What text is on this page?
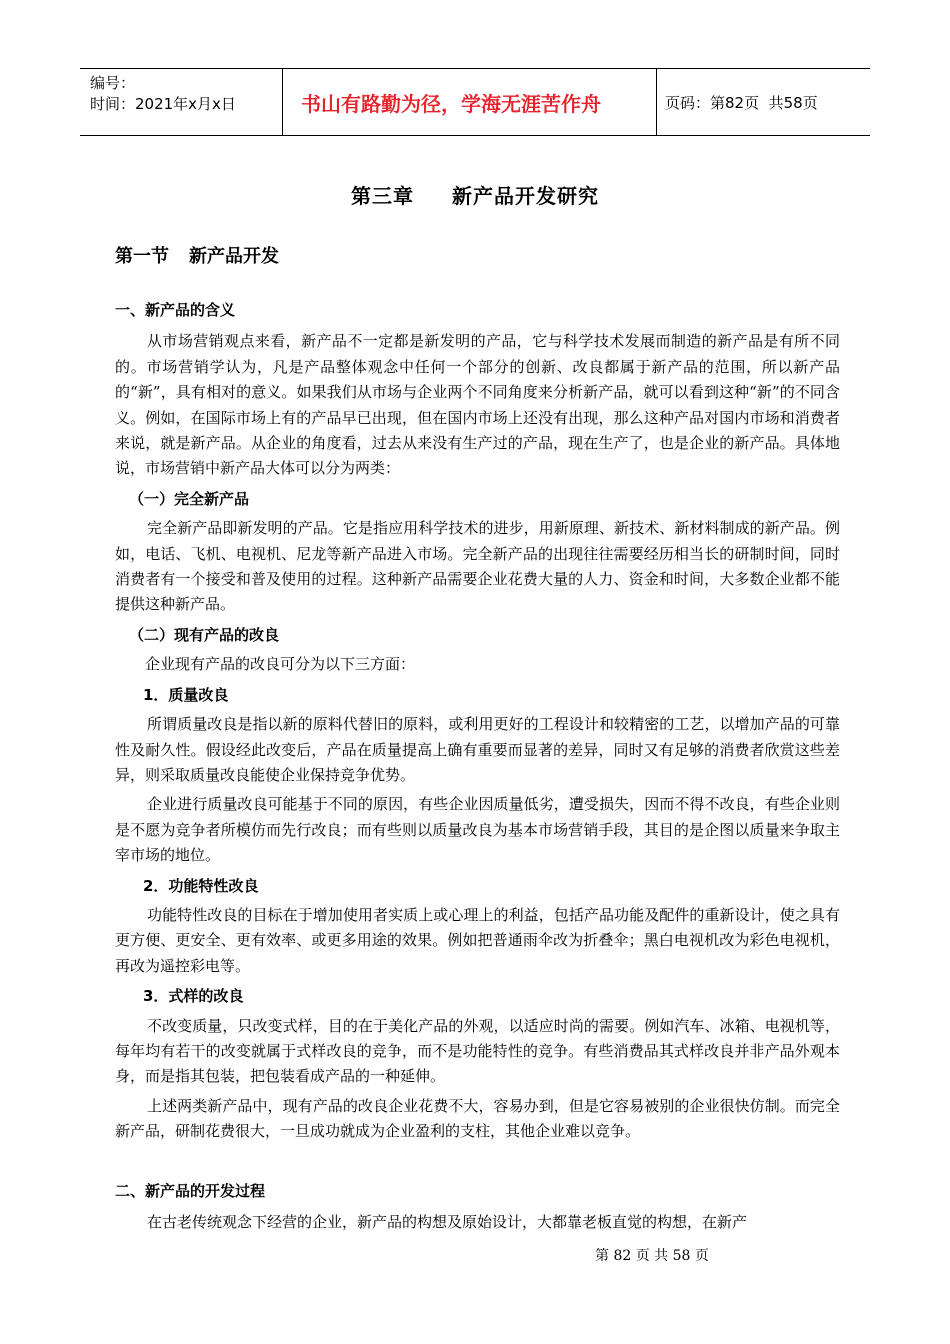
编号：
时间：2021年x月x日	书山有路勤为径，学海无涯苦作舟	页码：第82页  共58页
第三章 新产品开发研究
第一节 新产品开发
一、新产品的含义

从市场营销观点来看，新产品不一定都是新发明的产品，它与科学技术发展而制造的新产品是有所不同的。市场营销学认为，凡是产品整体观念中任何一个部分的创新、改良都属于新产品的范围，所以新产品的“新”，具有相对的意义。如果我们从市场与企业两个不同角度来分析新产品，就可以看到这种“新”的不同含义。例如，在国际市场上有的产品早已出现，但在国内市场上还没有出现，那么这种产品对国内市场和消费者来说，就是新产品。从企业的角度看，过去从来没有生产过的产品，现在生产了，也是企业的新产品。具体地说，市场营销中新产品大体可以分为两类：

（一）完全新产品

完全新产品即新发明的产品。它是指应用科学技术的进步，用新原理、新技术、新材料制成的新产品。例如，电话、飞机、电视机、尼龙等新产品进入市场。完全新产品的出现往往需要经历相当长的研制时间，同时消费者有一个接受和普及使用的过程。这种新产品需要企业花费大量的人力、资金和时间，大多数企业都不能提供这种新产品。

（二）现有产品的改良

企业现有产品的改良可分为以下三方面：

1．质量改良

所谓质量改良是指以新的原料代替旧的原料，或利用更好的工程设计和较精密的工艺，以增加产品的可靠性及耐久性。假设经此改变后，产品在质量提高上确有重要而显著的差异，同时又有足够的消费者欣赏这些差异，则采取质量改良能使企业保持竞争优势。

企业进行质量改良可能基于不同的原因，有些企业因质量低劣，遭受损失，因而不得不改良，有些企业则是不愿为竞争者所模仿而先行改良；而有些则以质量改良为基本市场营销手段，其目的是企图以质量来争取主宰市场的地位。

2．功能特性改良

功能特性改良的目标在于增加使用者实质上或心理上的利益，包括产品功能及配件的重新设计，使之具有更方便、更安全、更有效率、或更多用途的效果。例如把普通雨伞改为折叠伞；黑白电视机改为彩色电视机，再改为遥控彩电等。

3．式样的改良

不改变质量，只改变式样，目的在于美化产品的外观，以适应时尚的需要。例如汽车、冰箱、电视机等，每年均有若干的改变就属于式样改良的竞争，而不是功能特性的竞争。有些消费品其式样改良并非产品外观本身，而是指其包装，把包装看成产品的一种延伸。

上述两类新产品中，现有产品的改良企业花费不大，容易办到，但是它容易被别的企业很快仿制。而完全新产品，研制花费很大，一旦成功就成为企业盈利的支柱，其他企业难以竞争。

二、新产品的开发过程

在古老传统观念下经营的企业，新产品的构想及原始设计，大都靠老板直觉的构想，在新产

第 82 页 共 58 页
